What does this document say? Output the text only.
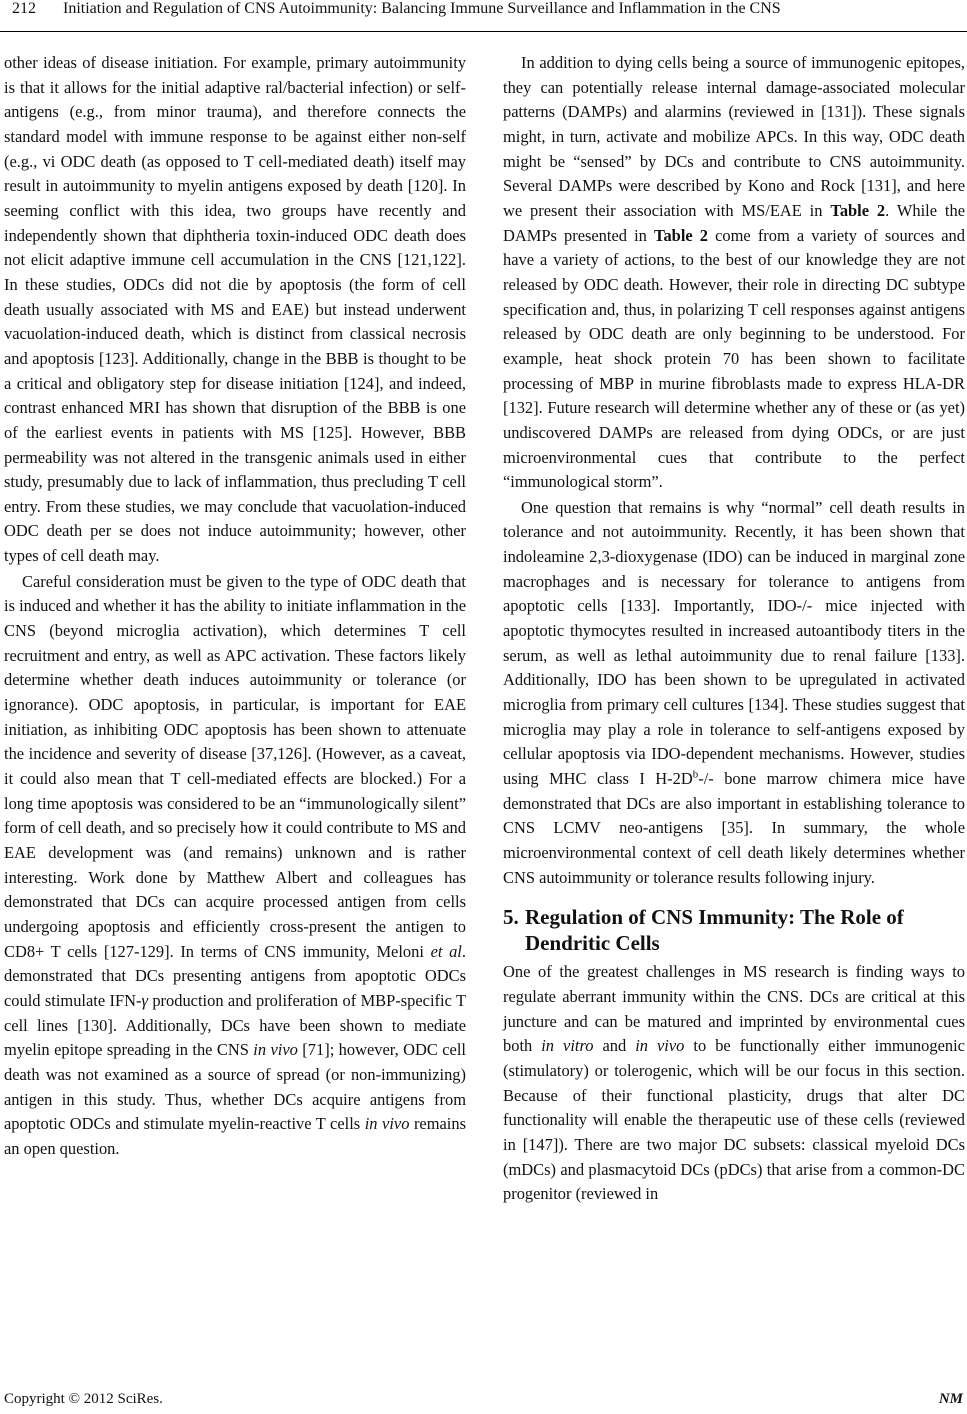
212 Initiation and Regulation of CNS Autoimmunity: Balancing Immune Surveillance and Inflammation in the CNS

other ideas of disease initiation. For example, primary autoimmunity is that it allows for the initial adaptive ral/bacterial infection) or self-antigens (e.g., from minor trauma), and therefore connects the standard model with immune response to be against either non-self (e.g., vi ODC death (as opposed to T cell-mediated death) itself may result in autoimmunity to myelin antigens exposed by death [120]. In seeming conflict with this idea, two groups have recently and independently shown that diphtheria toxin-induced ODC death does not elicit adaptive immune cell accumulation in the CNS [121,122]. In these studies, ODCs did not die by apoptosis (the form of cell death usually associated with MS and EAE) but instead underwent vacuolation-induced death, which is distinct from classical necrosis and apoptosis [123]. Additionally, change in the BBB is thought to be a critical and obligatory step for disease initiation [124], and indeed, contrast enhanced MRI has shown that disruption of the BBB is one of the earliest events in patients with MS [125]. However, BBB permeability was not altered in the transgenic animals used in either study, presumably due to lack of inflammation, thus precluding T cell entry. From these studies, we may conclude that vacuolation-induced ODC death per se does not induce autoimmunity; however, other types of cell death may.

Careful consideration must be given to the type of ODC death that is induced and whether it has the ability to initiate inflammation in the CNS (beyond microglia activation), which determines T cell recruitment and entry, as well as APC activation. These factors likely determine whether death induces autoimmunity or tolerance (or ignorance). ODC apoptosis, in particular, is important for EAE initiation, as inhibiting ODC apoptosis has been shown to attenuate the incidence and severity of disease [37,126]. (However, as a caveat, it could also mean that T cell-mediated effects are blocked.) For a long time apoptosis was considered to be an “immunologically silent” form of cell death, and so precisely how it could contribute to MS and EAE development was (and remains) unknown and is rather interesting. Work done by Matthew Albert and colleagues has demonstrated that DCs can acquire processed antigen from cells undergoing apoptosis and efficiently cross-present the antigen to CD8+ T cells [127-129]. In terms of CNS immunity, Meloni et al. demonstrated that DCs presenting antigens from apoptotic ODCs could stimulate IFN-γ production and proliferation of MBP-specific T cell lines [130]. Additionally, DCs have been shown to mediate myelin epitope spreading in the CNS in vivo [71]; however, ODC cell death was not examined as a source of spread (or non-immunizing) antigen in this study. Thus, whether DCs acquire antigens from apoptotic ODCs and stimulate myelin-reactive T cells in vivo remains an open question.

In addition to dying cells being a source of immunogenic epitopes, they can potentially release internal damage-associated molecular patterns (DAMPs) and alarmins (reviewed in [131]). These signals might, in turn, activate and mobilize APCs. In this way, ODC death might be “sensed” by DCs and contribute to CNS autoimmunity. Several DAMPs were described by Kono and Rock [131], and here we present their association with MS/EAE in Table 2. While the DAMPs presented in Table 2 come from a variety of sources and have a variety of actions, to the best of our knowledge they are not released by ODC death. However, their role in directing DC subtype specification and, thus, in polarizing T cell responses against antigens released by ODC death are only beginning to be understood. For example, heat shock protein 70 has been shown to facilitate processing of MBP in murine fibroblasts made to express HLA-DR [132]. Future research will determine whether any of these or (as yet) undiscovered DAMPs are released from dying ODCs, or are just microenvironmental cues that contribute to the perfect “immunological storm”.

One question that remains is why “normal” cell death results in tolerance and not autoimmunity. Recently, it has been shown that indoleamine 2,3-dioxygenase (IDO) can be induced in marginal zone macrophages and is necessary for tolerance to antigens from apoptotic cells [133]. Importantly, IDO-/- mice injected with apoptotic thymocytes resulted in increased autoantibody titers in the serum, as well as lethal autoimmunity due to renal failure [133]. Additionally, IDO has been shown to be upregulated in activated microglia from primary cell cultures [134]. These studies suggest that microglia may play a role in tolerance to self-antigens exposed by cellular apoptosis via IDO-dependent mechanisms. However, studies using MHC class I $H-2D^b-/-$ bone marrow chimera mice have demonstrated that DCs are also important in establishing tolerance to CNS LCMV neo-antigens [35]. In summary, the whole microenvironmental context of cell death likely determines whether CNS autoimmunity or tolerance results following injury.

5. Regulation of CNS Immunity: The Role of Dendritic Cells

One of the greatest challenges in MS research is finding ways to regulate aberrant immunity within the CNS. DCs are critical at this juncture and can be matured and imprinted by environmental cues both in vitro and in vivo to be functionally either immunogenic (stimulatory) or tolerogenic, which will be our focus in this section. Because of their functional plasticity, drugs that alter DC functionality will enable the therapeutic use of these cells (reviewed in [147]). There are two major DC subsets: classical myeloid DCs (mDCs) and plasmacytoid DCs (pDCs) that arise from a common-DC progenitor (reviewed in

Copyright © 2012 SciRes.	NM
